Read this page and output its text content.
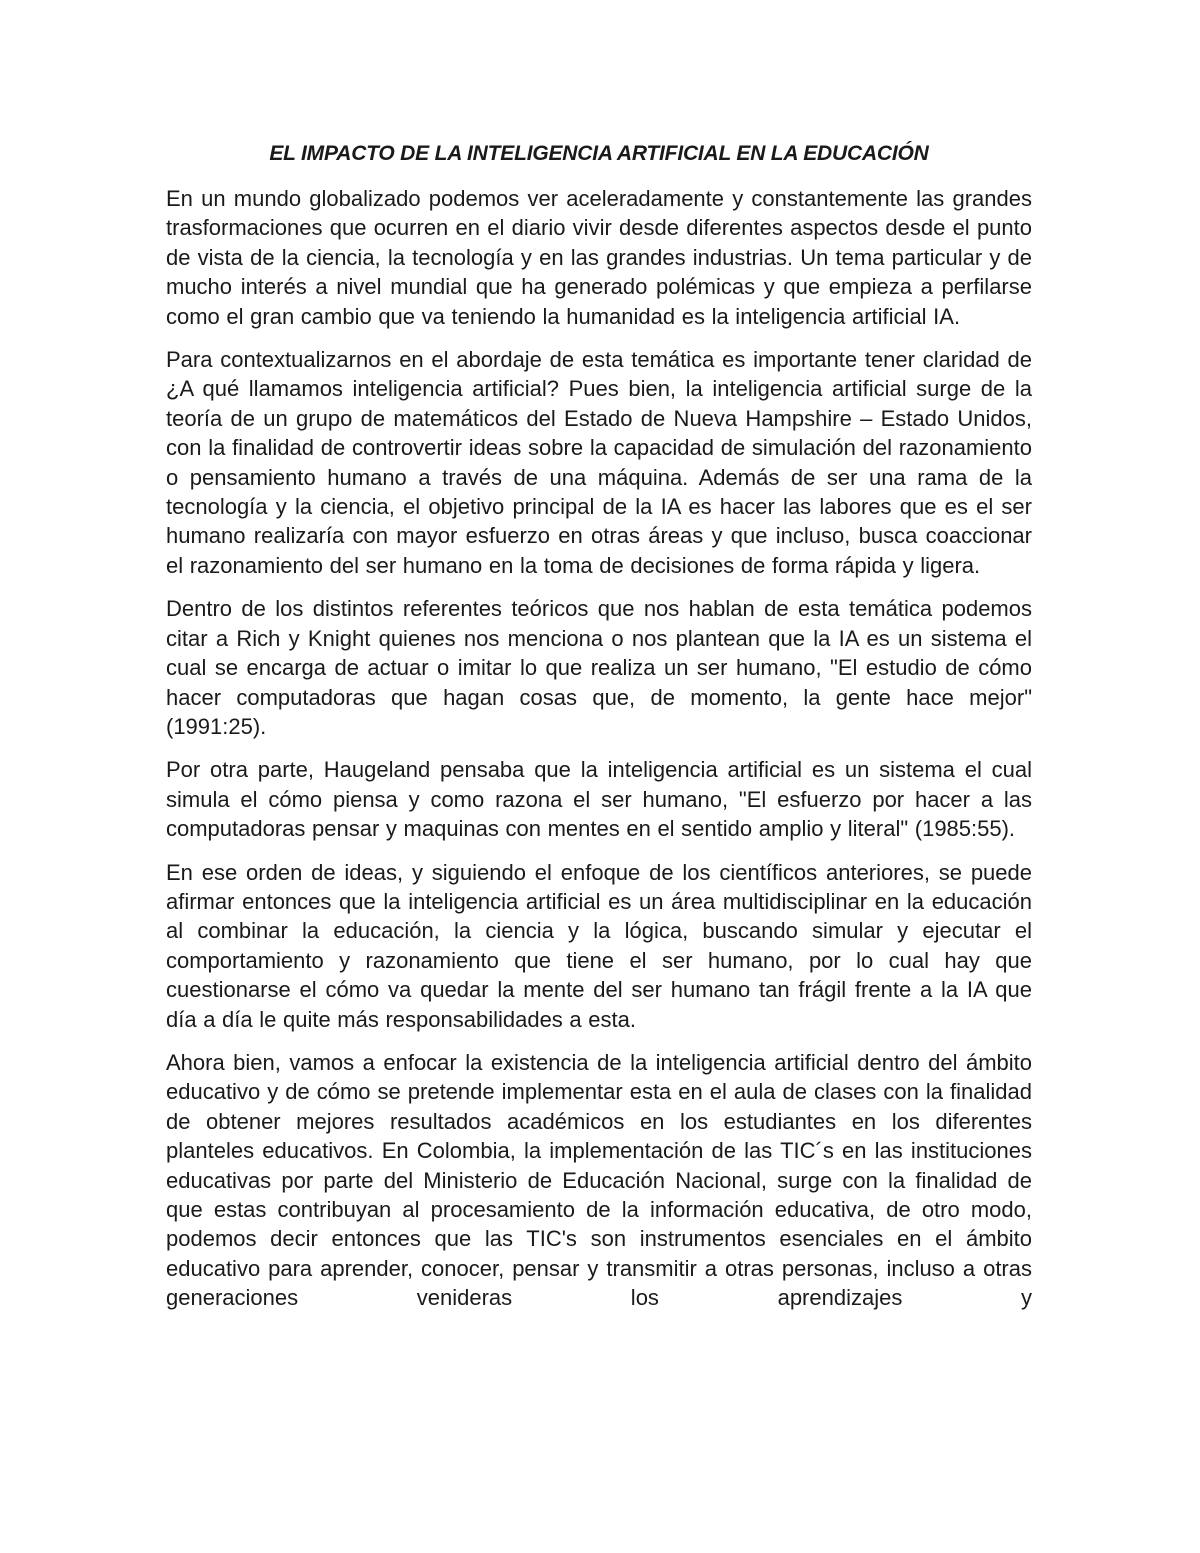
EL IMPACTO DE LA INTELIGENCIA ARTIFICIAL EN LA EDUCACIÓN

En un mundo globalizado podemos ver aceleradamente y constantemente las grandes trasformaciones que ocurren en el diario vivir desde diferentes aspectos desde el punto de vista de la ciencia, la tecnología y en las grandes industrias. Un tema particular y de mucho interés a nivel mundial que ha generado polémicas y que empieza a perfilarse como el gran cambio que va teniendo la humanidad es la inteligencia artificial IA.

Para contextualizarnos en el abordaje de esta temática es importante tener claridad de ¿A qué llamamos inteligencia artificial? Pues bien, la inteligencia artificial surge de la teoría de un grupo de matemáticos del Estado de Nueva Hampshire – Estado Unidos, con la finalidad de controvertir ideas sobre la capacidad de simulación del razonamiento o pensamiento humano a través de una máquina. Además de ser una rama de la tecnología y la ciencia, el objetivo principal de la IA es hacer las labores que es el ser humano realizaría con mayor esfuerzo en otras áreas y que incluso, busca coaccionar el razonamiento del ser humano en la toma de decisiones de forma rápida y ligera.

Dentro de los distintos referentes teóricos que nos hablan de esta temática podemos citar a Rich y Knight quienes nos menciona o nos plantean que la IA es un sistema el cual se encarga de actuar o imitar lo que realiza un ser humano, "El estudio de cómo hacer computadoras que hagan cosas que, de momento, la gente hace mejor" (1991:25).

Por otra parte, Haugeland pensaba que la inteligencia artificial es un sistema el cual simula el cómo piensa y como razona el ser humano, "El esfuerzo por hacer a las computadoras pensar y maquinas con mentes en el sentido amplio y literal" (1985:55).

En ese orden de ideas, y siguiendo el enfoque de los científicos anteriores, se puede afirmar entonces que la inteligencia artificial es un área multidisciplinar en la educación al combinar la educación, la ciencia y la lógica, buscando simular y ejecutar el comportamiento y razonamiento que tiene el ser humano, por lo cual hay que cuestionarse el cómo va quedar la mente del ser humano tan frágil frente a la IA que día a día le quite más responsabilidades a esta.

Ahora bien, vamos a enfocar la existencia de la inteligencia artificial dentro del ámbito educativo y de cómo se pretende implementar esta en el aula de clases con la finalidad de obtener mejores resultados académicos en los estudiantes en los diferentes planteles educativos. En Colombia, la implementación de las TIC´s en las instituciones educativas por parte del Ministerio de Educación Nacional, surge con la finalidad de que estas contribuyan al procesamiento de la información educativa, de otro modo, podemos decir entonces que las TIC's son instrumentos esenciales en el ámbito educativo para aprender, conocer, pensar y transmitir a otras personas, incluso a otras generaciones venideras los aprendizajes y
